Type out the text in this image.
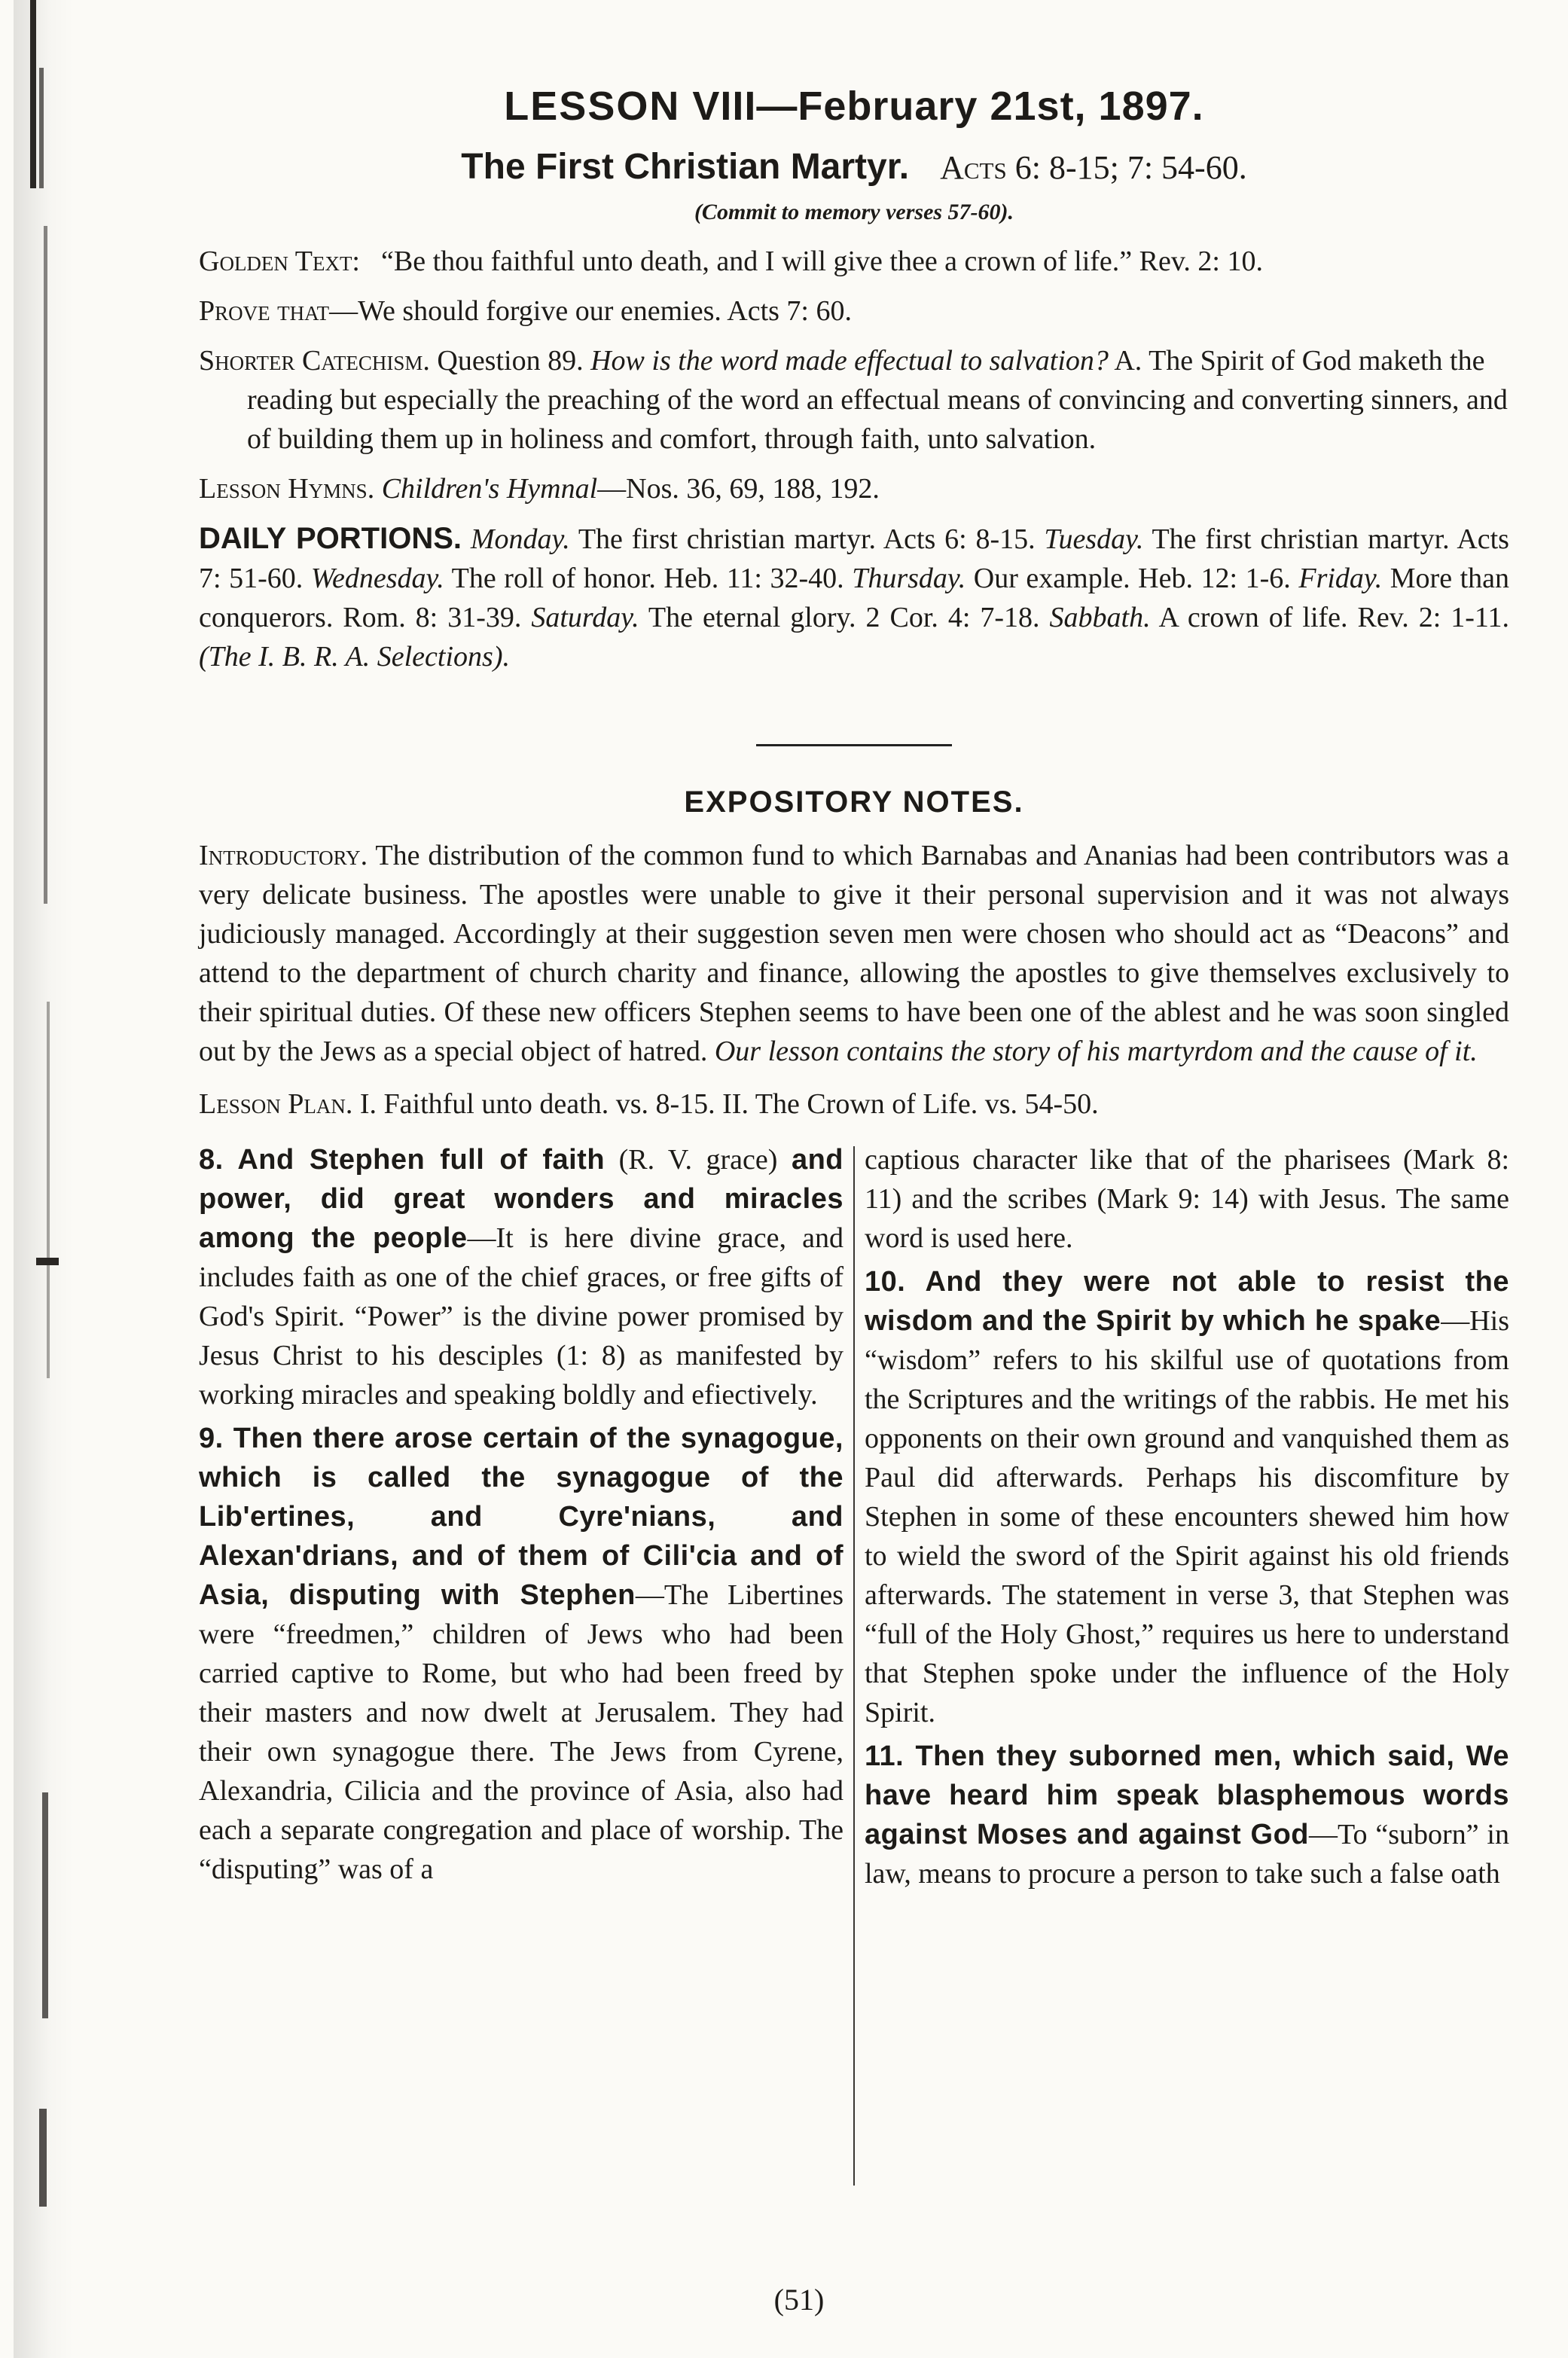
LESSON VIII—February 21st, 1897.
The First Christian Martyr. Acts 6: 8-15; 7: 54-60.
(Commit to memory verses 57-60).

Golden Text: “Be thou faithful unto death, and I will give thee a crown of life.” Rev. 2: 10.

Prove that—We should forgive our enemies. Acts 7: 60.

Shorter Catechism. Question 89. How is the word made effectual to salvation? A. The Spirit of God maketh the reading but especially the preaching of the word an effectual means of convincing and converting sinners, and of building them up in holiness and comfort, through faith, unto salvation.

Lesson Hymns. Children's Hymnal—Nos. 36, 69, 188, 192.

DAILY PORTIONS. Monday. The first christian martyr. Acts 6: 8-15. Tuesday. The first christian martyr. Acts 7: 51-60. Wednesday. The roll of honor. Heb. 11: 32-40. Thursday. Our example. Heb. 12: 1-6. Friday. More than conquerors. Rom. 8: 31-39. Saturday. The eternal glory. 2 Cor. 4: 7-18. Sabbath. A crown of life. Rev. 2: 1-11. (The I. B. R. A. Selections).

EXPOSITORY NOTES.

Introductory. The distribution of the common fund to which Barnabas and Ananias had been contributors was a very delicate business. The apostles were unable to give it their personal supervision and it was not always judiciously managed. Accordingly at their suggestion seven men were chosen who should act as “Deacons” and attend to the department of church charity and finance, allowing the apostles to give themselves exclusively to their spiritual duties. Of these new officers Stephen seems to have been one of the ablest and he was soon singled out by the Jews as a special object of hatred. Our lesson contains the story of his martyrdom and the cause of it.

Lesson Plan. I. Faithful unto death. vs. 8-15. II. The Crown of Life. vs. 54-50.

8. And Stephen full of faith (R. V. grace) and power, did great wonders and miracles among the people—It is here divine grace, and includes faith as one of the chief graces, or free gifts of God's Spirit. “Power” is the divine power promised by Jesus Christ to his desciples (1: 8) as manifested by working miracles and speaking boldly and efiectively.

9. Then there arose certain of the synagogue, which is called the synagogue of the Lib'ertines, and Cyre'nians, and Alexan'drians, and of them of Cili'cia and of Asia, disputing with Stephen—The Libertines were “freedmen,” children of Jews who had been carried captive to Rome, but who had been freed by their masters and now dwelt at Jerusalem. They had their own synagogue there. The Jews from Cyrene, Alexandria, Cilicia and the province of Asia, also had each a separate congregation and place of worship. The “disputing” was of a

captious character like that of the pharisees (Mark 8: 11) and the scribes (Mark 9: 14) with Jesus. The same word is used here.

10. And they were not able to resist the wisdom and the Spirit by which he spake—His “wisdom” refers to his skilful use of quotations from the Scriptures and the writings of the rabbis. He met his opponents on their own ground and vanquished them as Paul did afterwards. Perhaps his discomfiture by Stephen in some of these encounters shewed him how to wield the sword of the Spirit against his old friends afterwards. The statement in verse 3, that Stephen was “full of the Holy Ghost,” requires us here to understand that Stephen spoke under the influence of the Holy Spirit.

11. Then they suborned men, which said, We have heard him speak blasphemous words against Moses and against God—To “suborn” in law, means to procure a person to take such a false oath

(51)
